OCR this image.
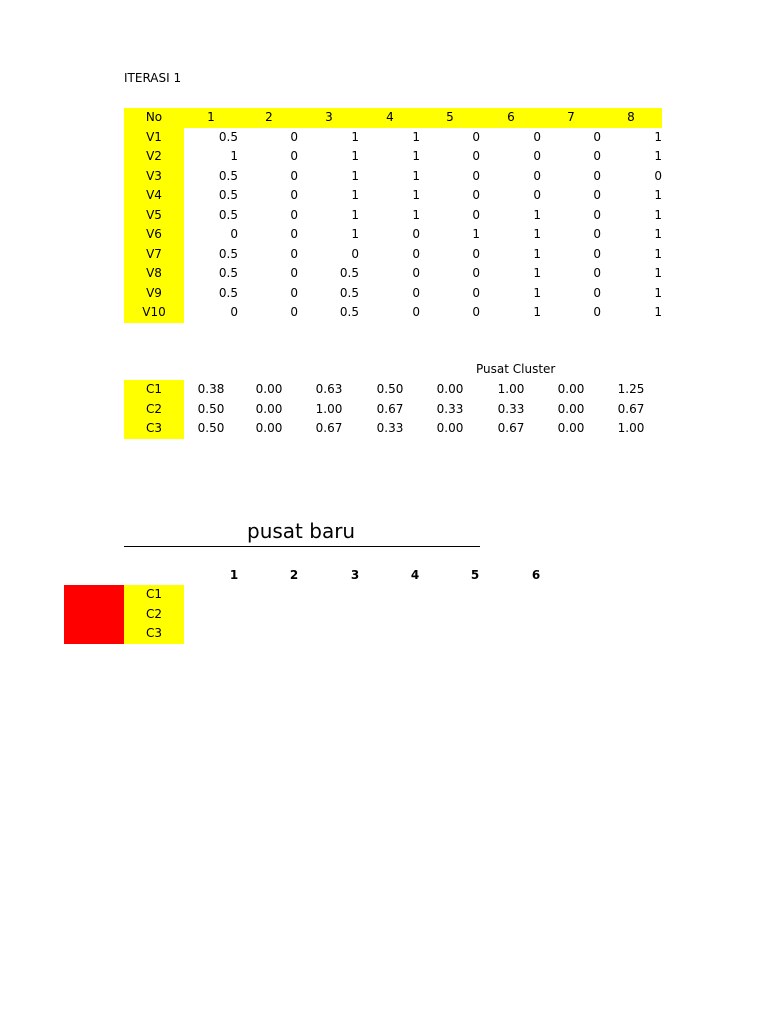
ITERASI 1
No	1	2	3	4	5	6	7	8
V1	0.5	0	1	1	0	0	0	1
V2	1	0	1	1	0	0	0	1
V3	0.5	0	1	1	0	0	0	0
V4	0.5	0	1	1	0	0	0	1
V5	0.5	0	1	1	0	1	0	1
V6	0	0	1	0	1	1	0	1
V7	0.5	0	0	0	0	1	0	1
V8	0.5	0	0.5	0	0	1	0	1
V9	0.5	0	0.5	0	0	1	0	1
V10	0	0	0.5	0	0	1	0	1
Pusat Cluster
C1	0.38	0.00	0.63	0.50	0.00	1.00	0.00	1.25
C2	0.50	0.00	1.00	0.67	0.33	0.33	0.00	0.67
C3	0.50	0.00	0.67	0.33	0.00	0.67	0.00	1.00
pusat baru
1	2	3	4	5	6
C1
C2
C3
